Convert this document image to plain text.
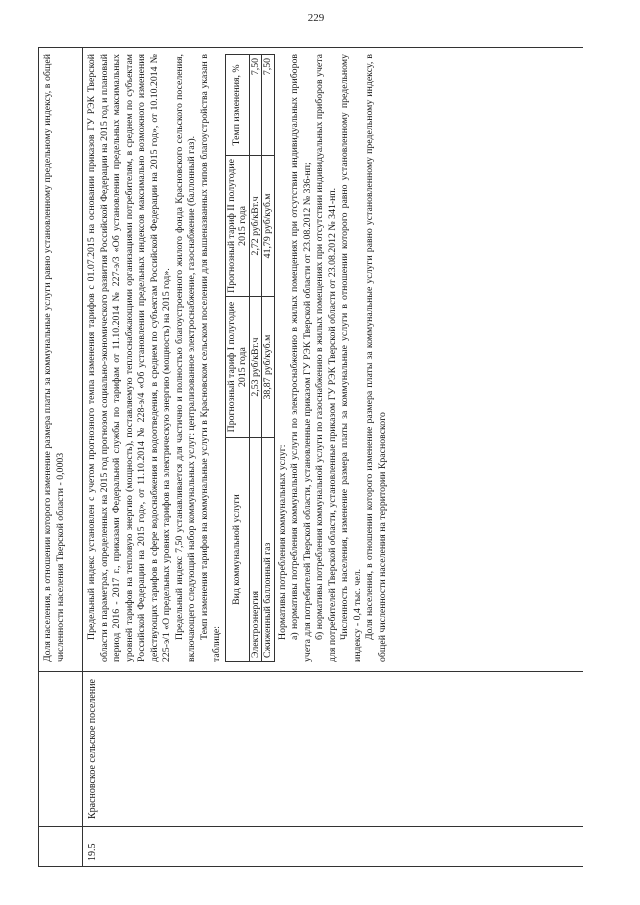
229

Доля населения, в отношении которого изменение размера платы за коммунальные услуги равно установленному предельному индексу, в общей численности населения Тверской области - 0,0003

19.5
Красновское сельское поселение

Предельный индекс установлен с учетом прогнозного темпа изменения тарифов с 01.07.2015 на основании приказов ГУ РЭК Тверской области в параметрах, определенных на 2015 год прогнозом социально-экономического развития Российской Федерации на 2015 год и плановый период 2016 - 2017 г., приказами Федеральной службы по тарифам от 11.10.2014 № 227-э/3 «Об установлении предельных максимальных уровней тарифов на тепловую энергию (мощность), поставляемую теплоснабжающими организациями потребителям, в среднем по субъектам Российской Федерации на 2015 год», от 11.10.2014 № 228-э/4 «Об установлении предельных индексов максимально возможного изменения действующих тарифов в сфере водоснабжения и водоотведения, в среднем по субъектам Российской Федерации на 2015 год», от 10.10.2014 № 225-э/1 «О предельных уровнях тарифов на электрическую энергию (мощность) на 2015 год». Предельный индекс 7,50 устанавливается для частично и полностью благоустроенного жилого фонда Красновского сельского поселения, включающего следующий набор коммунальных услуг: централизованное электроснабжение, газоснабжение (баллонный газ). Темп изменения тарифов на коммунальные услуги в Красновском сельском поселении для вышеназванных типов благоустройства указан в таблице:

Вид коммунальной услуги	Прогнозный тариф I полугодие 2015 года	Прогнозный тариф II полугодие 2015 года	Темп изменения, %
Электроэнергия	2,53 руб/кВт.ч	2,72 руб/кВт.ч	7,50
Сжиженный баллонный газ	38,87 руб/куб.м	41,79 руб/куб.м	7,50

Нормативы потребления коммунальных услуг: а) нормативы потребления коммунальной услуги по электроснабжению в жилых помещениях при отсутствии индивидуальных приборов учета для потребителей Тверской области, установленные приказом ГУ РЭК Тверской области от 23.08.2012 № 336-нп; б) нормативы потребления коммунальной услуги по газоснабжению в жилых помещениях при отсутствии индивидуальных приборов учета для потребителей Тверской области, установленные приказом ГУ РЭК Тверской области от 23.08.2012 № 341-нп. Численность населения, изменение размера платы за коммунальные услуги в отношении которого равно установленному предельному индексу - 0,4 тыс. чел. Доля населения, в отношении которого изменение размера платы за коммунальные услуги равно установленному предельному индексу, в общей численности населения на территории Красновского
